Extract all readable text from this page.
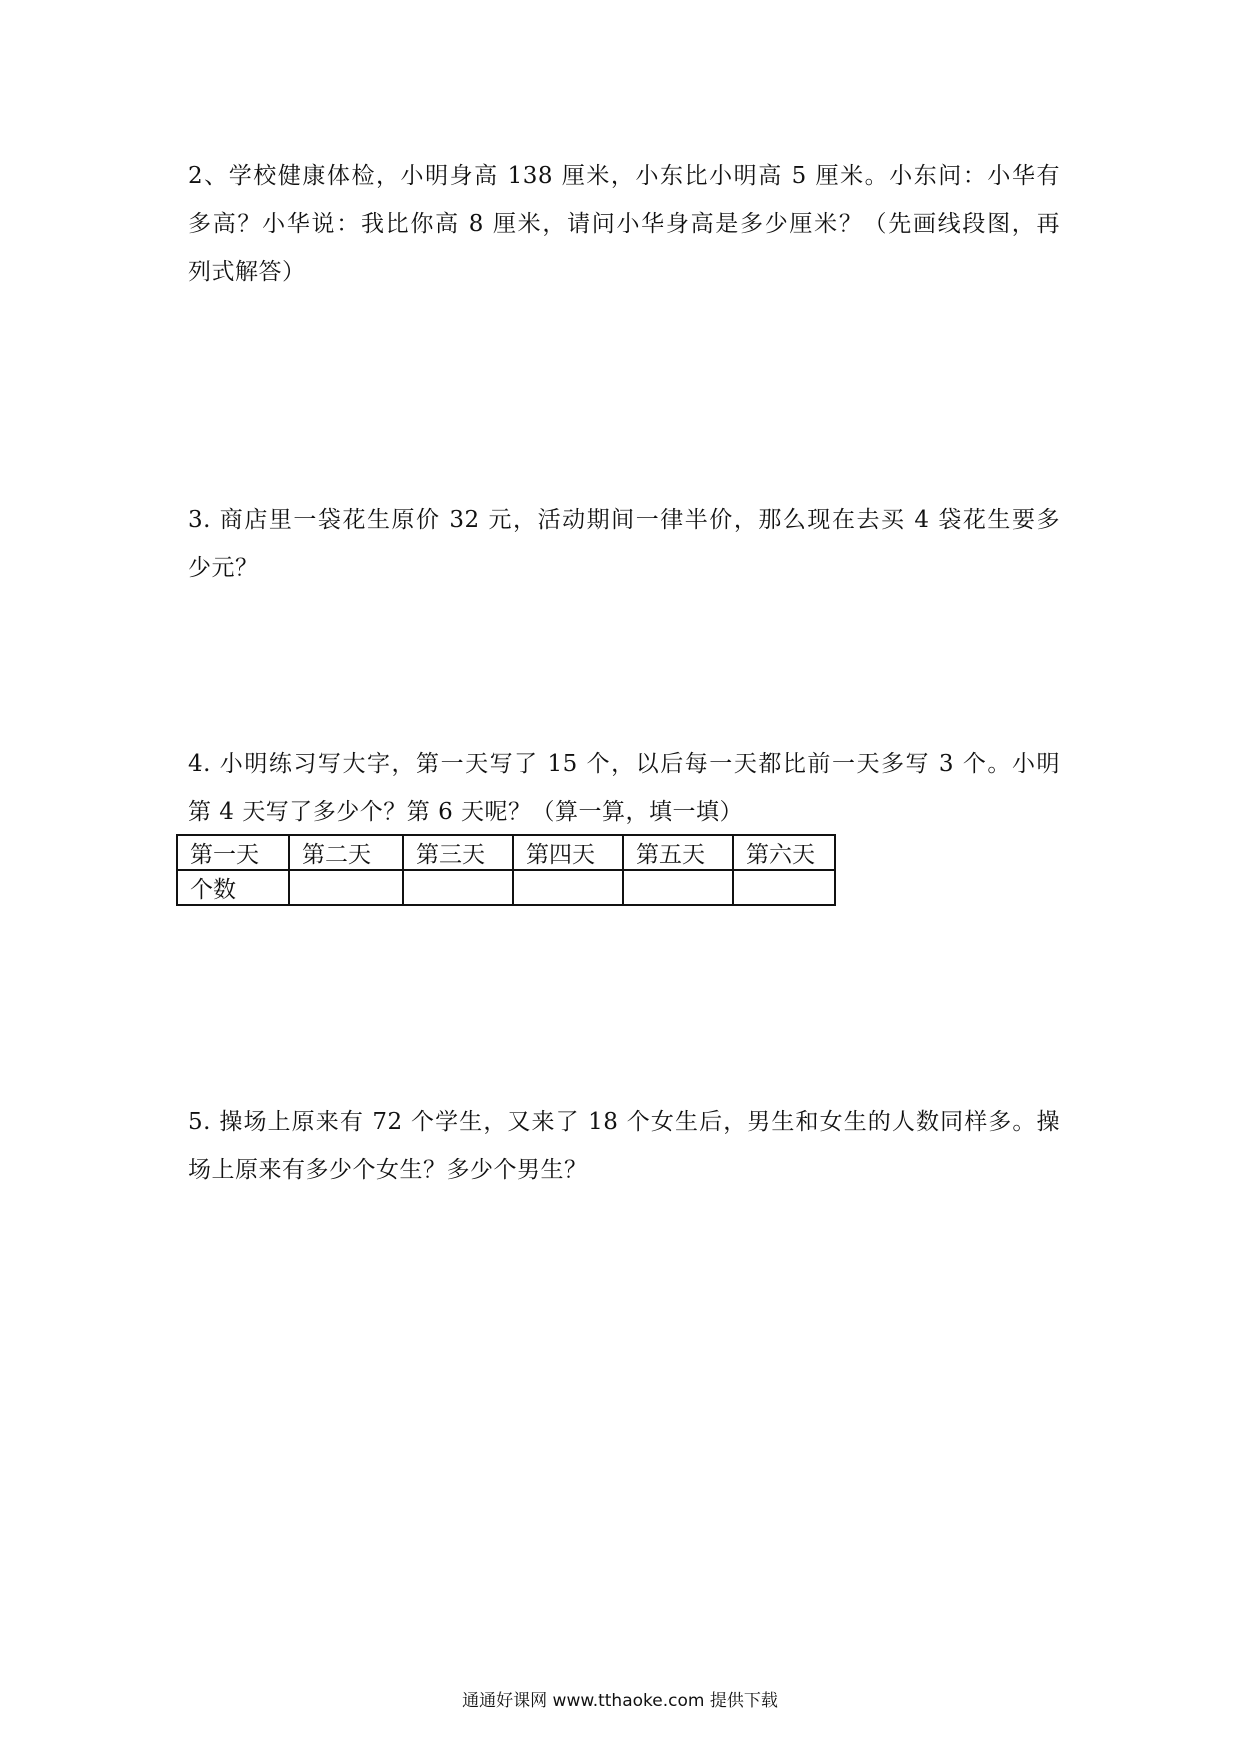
2、学校健康体检，小明身高 138 厘米，小东比小明高 5 厘米。小东问：小华有
多高？小华说：我比你高 8 厘米，请问小华身高是多少厘米？（先画线段图，再
列式解答）
3. 商店里一袋花生原价 32 元，活动期间一律半价，那么现在去买 4 袋花生要多
少元？
4. 小明练习写大字，第一天写了 15 个，以后每一天都比前一天多写 3 个。小明
第 4 天写了多少个？第 6 天呢？（算一算，填一填）
第一天	第二天	第三天	第四天	第五天	第六天
个数					
5. 操场上原来有 72 个学生，又来了 18 个女生后，男生和女生的人数同样多。操
场上原来有多少个女生？多少个男生？
通通好课网 www.tthaoke.com 提供下载
